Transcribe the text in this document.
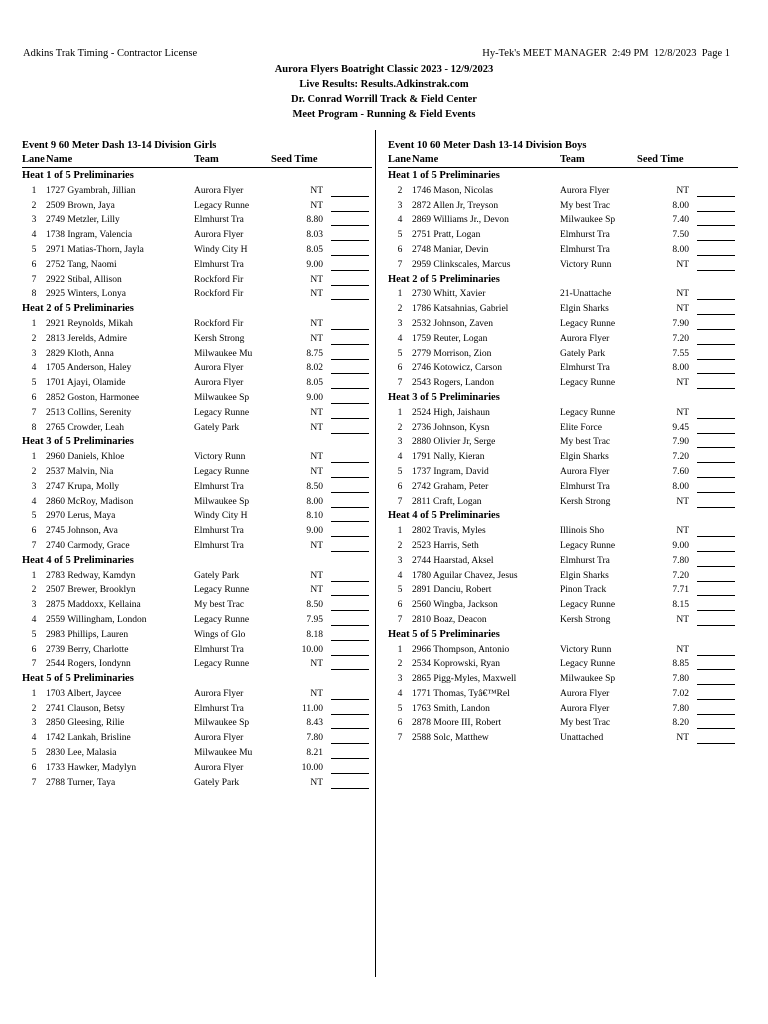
Adkins Trak Timing - Contractor License	Hy-Tek's MEET MANAGER  2:49 PM  12/8/2023  Page 1
Aurora Flyers Boatright Classic 2023 - 12/9/2023
Live Results: Results.Adkinstrak.com
Dr. Conrad Worrill Track & Field Center
Meet Program - Running & Field Events
Event 9 60 Meter Dash 13-14 Division Girls
Lane Name	Team	Seed Time
Heat 1 of 5 Preliminaries
1	1727 Gyambrah, Jillian	Aurora Flyer	NT
2	2509 Brown, Jaya	Legacy Runne	NT
3	2749 Metzler, Lilly	Elmhurst Tra	8.80
4	1738 Ingram, Valencia	Aurora Flyer	8.03
5	2971 Matias-Thorn, Jayla	Windy City H	8.05
6	2752 Tang, Naomi	Elmhurst Tra	9.00
7	2922 Stibal, Allison	Rockford Fir	NT
8	2925 Winters, Lonya	Rockford Fir	NT
Heat 2 of 5 Preliminaries
1	2921 Reynolds, Mikah	Rockford Fir	NT
2	2813 Jerelds, Admire	Kersh Strong	NT
3	2829 Kloth, Anna	Milwaukee Mu	8.75
4	1705 Anderson, Haley	Aurora Flyer	8.02
5	1701 Ajayi, Olamide	Aurora Flyer	8.05
6	2852 Goston, Harmonee	Milwaukee Sp	9.00
7	2513 Collins, Serenity	Legacy Runne	NT
8	2765 Crowder, Leah	Gately Park	NT
Heat 3 of 5 Preliminaries
1	2960 Daniels, Khloe	Victory Runn	NT
2	2537 Malvin, Nia	Legacy Runne	NT
3	2747 Krupa, Molly	Elmhurst Tra	8.50
4	2860 McRoy, Madison	Milwaukee Sp	8.00
5	2970 Lerus, Maya	Windy City H	8.10
6	2745 Johnson, Ava	Elmhurst Tra	9.00
7	2740 Carmody, Grace	Elmhurst Tra	NT
Heat 4 of 5 Preliminaries
1	2783 Redway, Kamdyn	Gately Park	NT
2	2507 Brewer, Brooklyn	Legacy Runne	NT
3	2875 Maddoxx, Kellaina	My best Trac	8.50
4	2559 Willingham, London	Legacy Runne	7.95
5	2983 Phillips, Lauren	Wings of Glo	8.18
6	2739 Berry, Charlotte	Elmhurst Tra	10.00
7	2544 Rogers, Iondynn	Legacy Runne	NT
Heat 5 of 5 Preliminaries
1	1703 Albert, Jaycee	Aurora Flyer	NT
2	2741 Clauson, Betsy	Elmhurst Tra	11.00
3	2850 Gleesing, Rilie	Milwaukee Sp	8.43
4	1742 Lankah, Brisline	Aurora Flyer	7.80
5	2830 Lee, Malasia	Milwaukee Mu	8.21
6	1733 Hawker, Madylyn	Aurora Flyer	10.00
7	2788 Turner, Taya	Gately Park	NT
Event 10 60 Meter Dash 13-14 Division Boys
Lane Name	Team	Seed Time
Heat 1 of 5 Preliminaries
2	1746 Mason, Nicolas	Aurora Flyer	NT
3	2872 Allen Jr, Treyson	My best Trac	8.00
4	2869 Williams Jr., Devon	Milwaukee Sp	7.40
5	2751 Pratt, Logan	Elmhurst Tra	7.50
6	2748 Maniar, Devin	Elmhurst Tra	8.00
7	2959 Clinkscales, Marcus	Victory Runn	NT
Heat 2 of 5 Preliminaries
1	2730 Whitt, Xavier	21-Unattache	NT
2	1786 Katsahnias, Gabriel	Elgin Sharks	NT
3	2532 Johnson, Zaven	Legacy Runne	7.90
4	1759 Reuter, Logan	Aurora Flyer	7.20
5	2779 Morrison, Zion	Gately Park	7.55
6	2746 Kotowicz, Carson	Elmhurst Tra	8.00
7	2543 Rogers, Landon	Legacy Runne	NT
Heat 3 of 5 Preliminaries
1	2524 High, Jaishaun	Legacy Runne	NT
2	2736 Johnson, Kysn	Elite Force	9.45
3	2880 Olivier Jr, Serge	My best Trac	7.90
4	1791 Nally, Kieran	Elgin Sharks	7.20
5	1737 Ingram, David	Aurora Flyer	7.60
6	2742 Graham, Peter	Elmhurst Tra	8.00
7	2811 Craft, Logan	Kersh Strong	NT
Heat 4 of 5 Preliminaries
1	2802 Travis, Myles	Illinois Sho	NT
2	2523 Harris, Seth	Legacy Runne	9.00
3	2744 Haarstad, Aksel	Elmhurst Tra	7.80
4	1780 Aguilar Chavez, Jesus	Elgin Sharks	7.20
5	2891 Danciu, Robert	Pinon Track	7.71
6	2560 Wingba, Jackson	Legacy Runne	8.15
7	2810 Boaz, Deacon	Kersh Strong	NT
Heat 5 of 5 Preliminaries
1	2966 Thompson, Antonio	Victory Runn	NT
2	2534 Koprowski, Ryan	Legacy Runne	8.85
3	2865 Pigg-Myles, Maxwell	Milwaukee Sp	7.80
4	1771 Thomas, Tyâ€™Rel	Aurora Flyer	7.02
5	1763 Smith, Landon	Aurora Flyer	7.80
6	2878 Moore III, Robert	My best Trac	8.20
7	2588 Solc, Matthew	Unattached	NT
